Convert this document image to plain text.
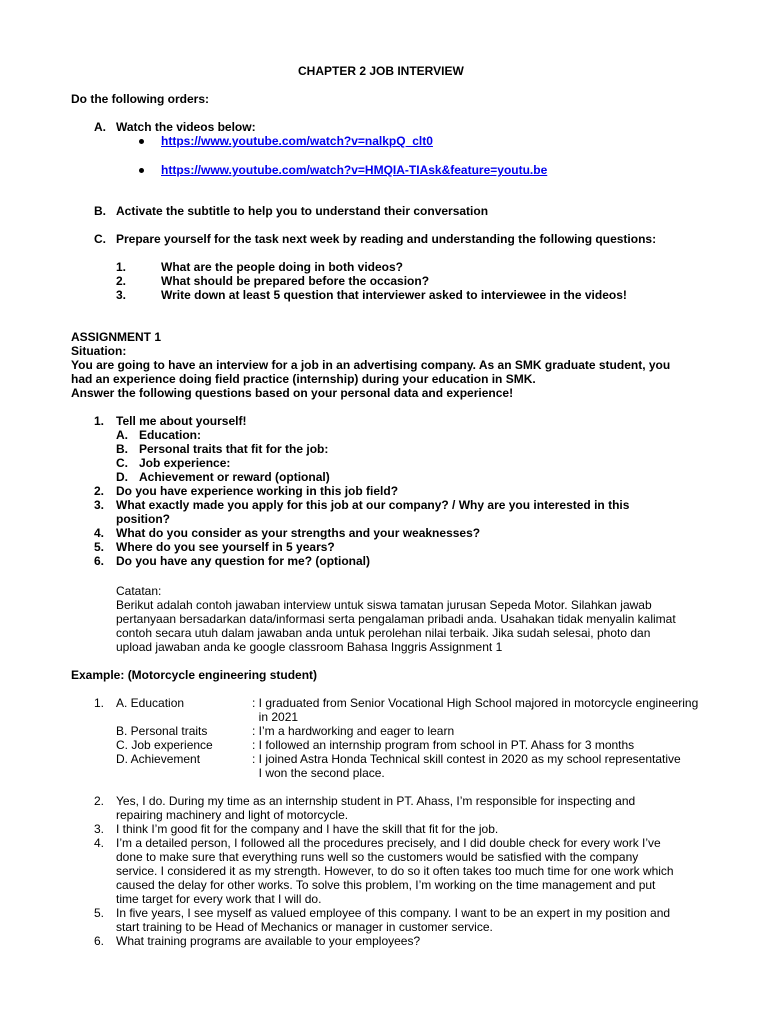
CHAPTER 2 JOB INTERVIEW
Do the following orders:
A. Watch the videos below:
https://www.youtube.com/watch?v=nalkpQ_clt0
https://www.youtube.com/watch?v=HMQIA-TIAsk&feature=youtu.be
B. Activate the subtitle to help you to understand their conversation
C. Prepare yourself for the task next week by reading and understanding the following questions:
1.	What are the people doing in both videos?
2.	What should be prepared before the occasion?
3.	Write down at least 5 question that interviewer asked to interviewee in the videos!
ASSIGNMENT 1
Situation:
You are going to have an interview for a job in an advertising company. As an SMK graduate student, you
had an experience doing field practice (internship) during your education in SMK.
Answer the following questions based on your personal data and experience!
1. Tell me about yourself!
A. Education:
B. Personal traits that fit for the job:
C. Job experience:
D. Achievement or reward (optional)
2. Do you have experience working in this job field?
3. What exactly made you apply for this job at our company? / Why are you interested in this
position?
4. What do you consider as your strengths and your weaknesses?
5. Where do you see yourself in 5 years?
6. Do you have any question for me? (optional)
Catatan:
Berikut adalah contoh jawaban interview untuk siswa tamatan jurusan Sepeda Motor. Silahkan jawab
pertanyaan bersadarkan data/informasi serta pengalaman pribadi anda. Usahakan tidak menyalin kalimat
contoh secara utuh dalam jawaban anda untuk perolehan nilai terbaik. Jika sudah selesai, photo dan
upload jawaban anda ke google classroom Bahasa Inggris Assignment 1
Example: (Motorcycle engineering student)
1. A. Education	: I graduated from Senior Vocational High School majored in motorcycle engineering
in 2021
B. Personal traits	: I’m a hardworking and eager to learn
C. Job experience	: I followed an internship program from school in PT. Ahass for 3 months
D. Achievement	: I joined Astra Honda Technical skill contest in 2020 as my school representative
I won the second place.
2. Yes, I do. During my time as an internship student in PT. Ahass, I’m responsible for inspecting and
repairing machinery and light of motorcycle.
3. I think I’m good fit for the company and I have the skill that fit for the job.
4. I’m a detailed person, I followed all the procedures precisely, and I did double check for every work I’ve
done to make sure that everything runs well so the customers would be satisfied with the company
service. I considered it as my strength. However, to do so it often takes too much time for one work which
caused the delay for other works. To solve this problem, I’m working on the time management and put
time target for every work that I will do.
5. In five years, I see myself as valued employee of this company. I want to be an expert in my position and
start training to be Head of Mechanics or manager in customer service.
6. What training programs are available to your employees?
